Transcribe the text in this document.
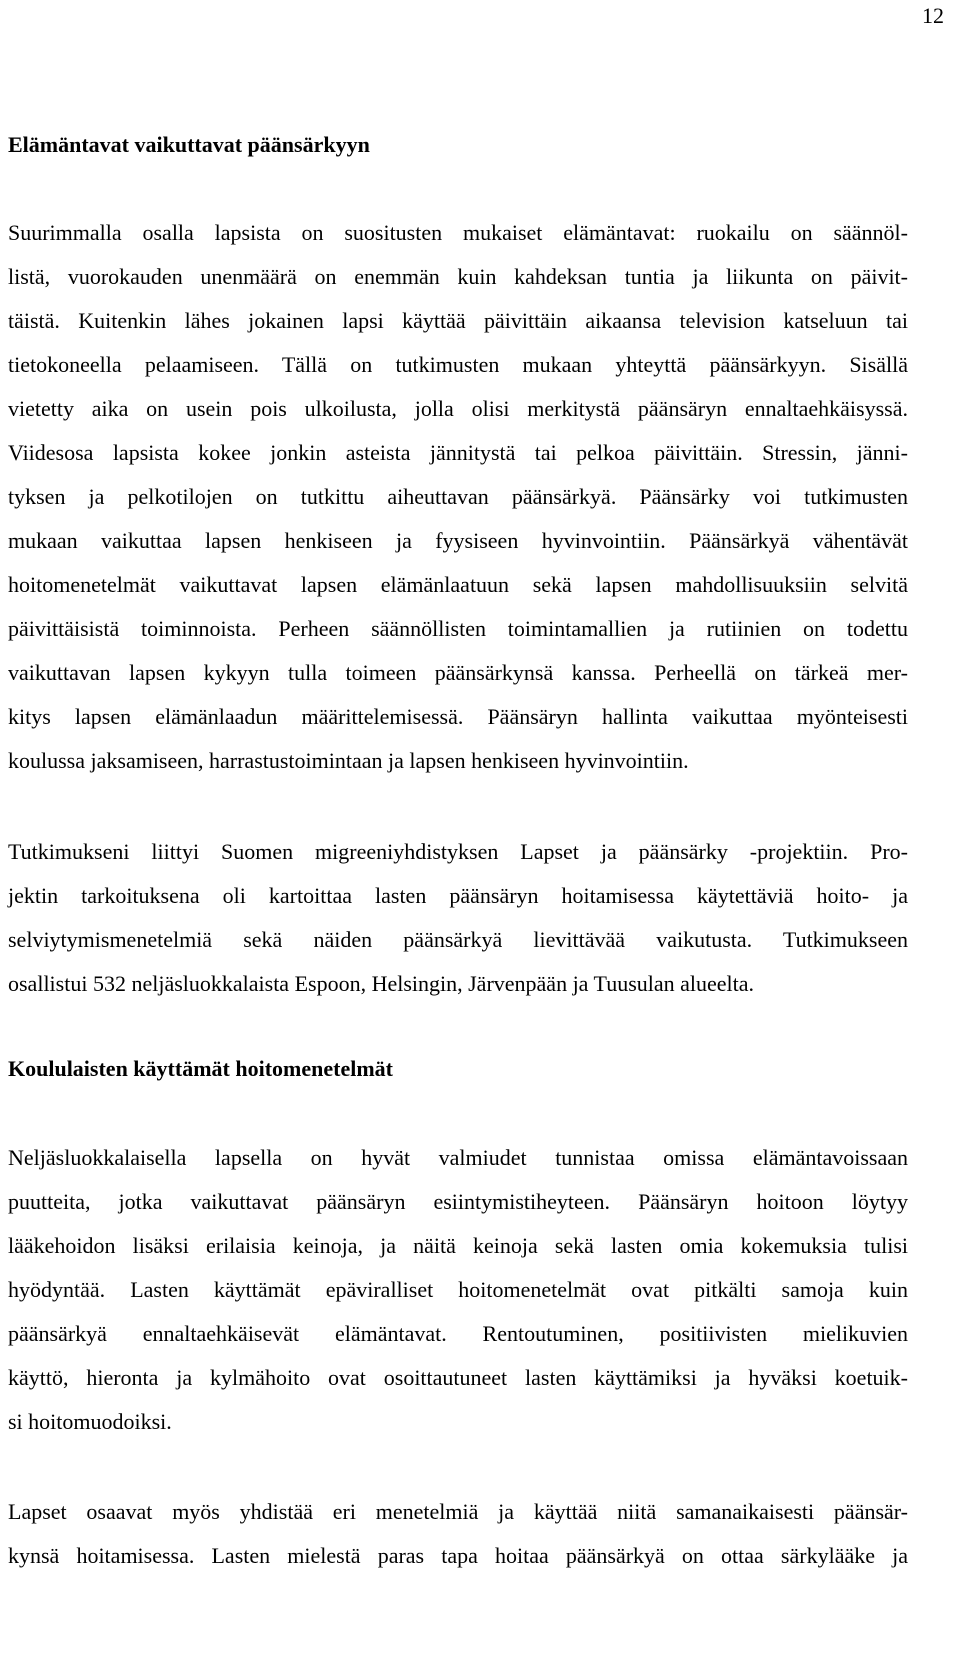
12
Elämäntavat vaikuttavat päänsärkyyn
Suurimmalla osalla lapsista on suositusten mukaiset elämäntavat: ruokailu on säännöl-
listä, vuorokauden unenmäärä on enemmän kuin kahdeksan tuntia ja liikunta on päivit-
täistä. Kuitenkin lähes jokainen lapsi käyttää päivittäin aikaansa television katseluun tai
tietokoneella pelaamiseen. Tällä on tutkimusten mukaan yhteyttä päänsärkyyn. Sisällä
vietetty aika on usein pois ulkoilusta, jolla olisi merkitystä päänsäryn ennaltaehkäisyssä.
Viidesosa lapsista kokee jonkin asteista jännitystä tai pelkoa päivittäin. Stressin, jänni-
tyksen ja pelkotilojen on tutkittu aiheuttavan päänsärkyä. Päänsärky voi tutkimusten
mukaan vaikuttaa lapsen henkiseen ja fyysiseen hyvinvointiin. Päänsärkyä vähentävät
hoitomenetelmät vaikuttavat lapsen elämänlaatuun sekä lapsen mahdollisuuksiin selvitä
päivittäisistä toiminnoista. Perheen säännöllisten toimintamallien ja rutiinien on todettu
vaikuttavan lapsen kykyyn tulla toimeen päänsärkynsä kanssa. Perheellä on tärkeä mer-
kitys lapsen elämänlaadun määrittelemisessä. Päänsäryn hallinta vaikuttaa myönteisesti
koulussa jaksamiseen, harrastustoimintaan ja lapsen henkiseen hyvinvointiin.
Tutkimukseni liittyi Suomen migreeniyhdistyksen Lapset ja päänsärky -projektiin. Pro-
jektin tarkoituksena oli kartoittaa lasten päänsäryn hoitamisessa käytettäviä hoito- ja
selviytymismenetelmiä sekä näiden päänsärkyä lievittävää vaikutusta. Tutkimukseen
osallistui 532 neljäsluokkalaista Espoon, Helsingin, Järvenpään ja Tuusulan alueelta.
Koululaisten käyttämät hoitomenetelmät
Neljäsluokkalaisella lapsella on hyvät valmiudet tunnistaa omissa elämäntavoissaan
puutteita, jotka vaikuttavat päänsäryn esiintymistiheyteen. Päänsäryn hoitoon löytyy
lääkehoidon lisäksi erilaisia keinoja, ja näitä keinoja sekä lasten omia kokemuksia tulisi
hyödyntää. Lasten käyttämät epäviralliset hoitomenetelmät ovat pitkälti samoja kuin
päänsärkyä ennaltaehkäisevät elämäntavat. Rentoutuminen, positiivisten mielikuvien
käyttö, hieronta ja kylmähoito ovat osoittautuneet lasten käyttämiksi ja hyväksi koetuik-
si hoitomuodoiksi.
Lapset osaavat myös yhdistää eri menetelmiä ja käyttää niitä samanaikaisesti päänsär-
kynsä hoitamisessa. Lasten mielestä paras tapa hoitaa päänsärkyä on ottaa särkylääke ja
